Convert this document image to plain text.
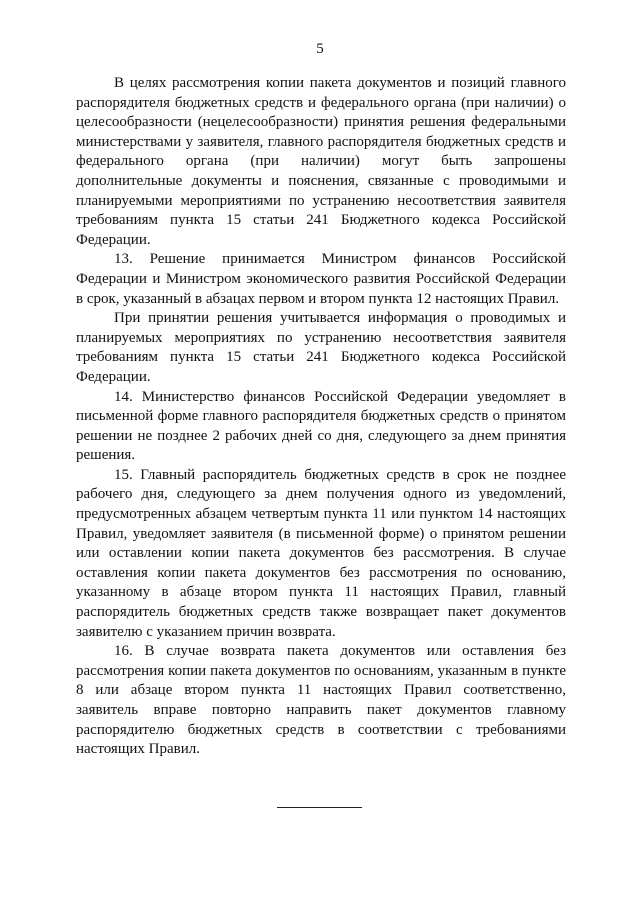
5

В целях рассмотрения копии пакета документов и позиций главного распорядителя бюджетных средств и федерального органа (при наличии) о целесообразности (нецелесообразности) принятия решения федеральными министерствами у заявителя, главного распорядителя бюджетных средств и федерального органа (при наличии) могут быть запрошены дополнительные документы и пояснения, связанные с проводимыми и планируемыми мероприятиями по устранению несоответствия заявителя требованиям пункта 15 статьи 241 Бюджетного кодекса Российской Федерации.

13. Решение принимается Министром финансов Российской Федерации и Министром экономического развития Российской Федерации в срок, указанный в абзацах первом и втором пункта 12 настоящих Правил.

При принятии решения учитывается информация о проводимых и планируемых мероприятиях по устранению несоответствия заявителя требованиям пункта 15 статьи 241 Бюджетного кодекса Российской Федерации.

14. Министерство финансов Российской Федерации уведомляет в письменной форме главного распорядителя бюджетных средств о принятом решении не позднее 2 рабочих дней со дня, следующего за днем принятия решения.

15. Главный распорядитель бюджетных средств в срок не позднее рабочего дня, следующего за днем получения одного из уведомлений, предусмотренных абзацем четвертым пункта 11 или пунктом 14 настоящих Правил, уведомляет заявителя (в письменной форме) о принятом решении или оставлении копии пакета документов без рассмотрения. В случае оставления копии пакета документов без рассмотрения по основанию, указанному в абзаце втором пункта 11 настоящих Правил, главный распорядитель бюджетных средств также возвращает пакет документов заявителю с указанием причин возврата.

16. В случае возврата пакета документов или оставления без рассмотрения копии пакета документов по основаниям, указанным в пункте 8 или абзаце втором пункта 11 настоящих Правил соответственно, заявитель вправе повторно направить пакет документов главному распорядителю бюджетных средств в соответствии с требованиями настоящих Правил.
